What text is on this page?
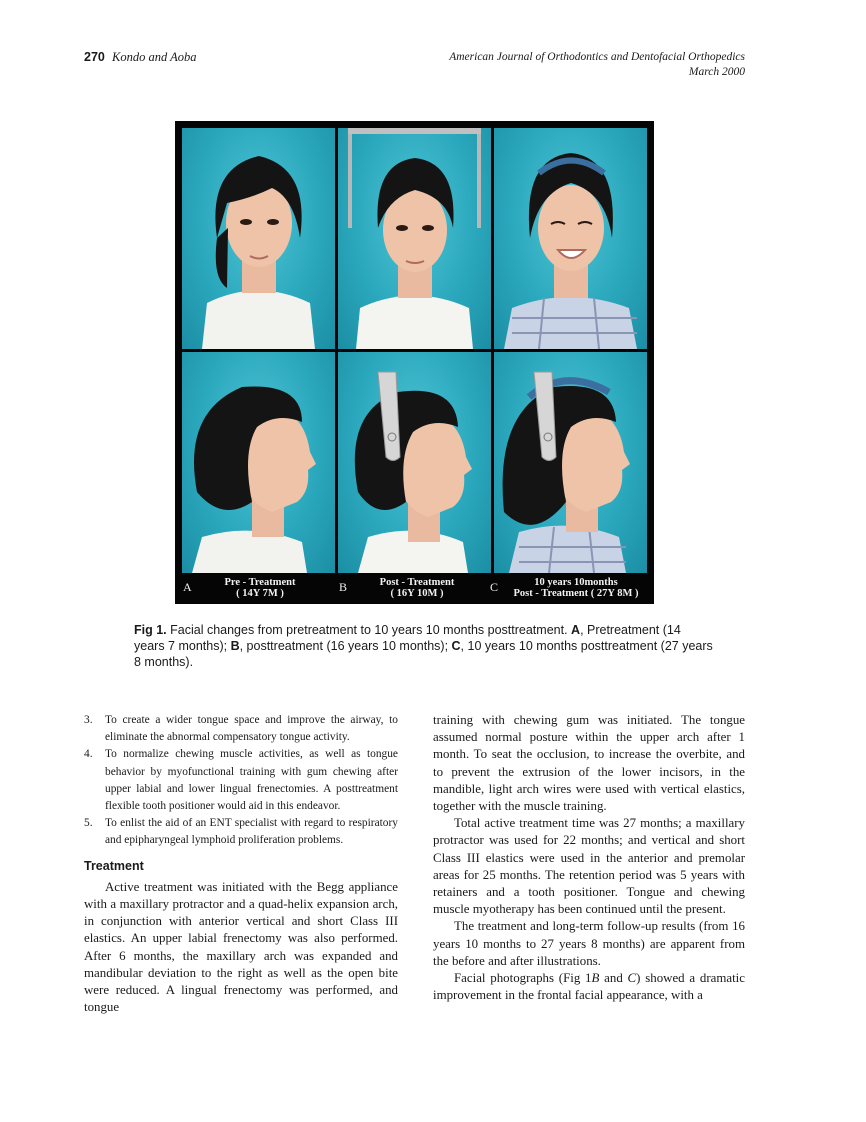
270 Kondo and Aoba	American Journal of Orthodontics and Dentofacial Orthopedics
March 2000
A	Pre - Treatment
( 14Y 7M )	B	Post - Treatment
( 16Y 10M )	C	10 years 10months
Post - Treatment ( 27Y 8M )
Fig 1. Facial changes from pretreatment to 10 years 10 months posttreatment. A, Pretreatment (14 years 7 months); B, posttreatment (16 years 10 months); C, 10 years 10 months posttreatment (27 years 8 months).
3. To create a wider tongue space and improve the airway, to eliminate the abnormal compensatory tongue activity.
4. To normalize chewing muscle activities, as well as tongue behavior by myofunctional training with gum chewing after upper labial and lower lingual frenectomies. A posttreatment flexible tooth positioner would aid in this endeavor.
5. To enlist the aid of an ENT specialist with regard to respiratory and epipharyngeal lymphoid proliferation problems.
Treatment

Active treatment was initiated with the Begg appliance with a maxillary protractor and a quad-helix expansion arch, in conjunction with anterior vertical and short Class III elastics. An upper labial frenectomy was also performed. After 6 months, the maxillary arch was expanded and mandibular deviation to the right as well as the open bite were reduced. A lingual frenectomy was performed, and tongue

training with chewing gum was initiated. The tongue assumed normal posture within the upper arch after 1 month. To seat the occlusion, to increase the overbite, and to prevent the extrusion of the lower incisors, in the mandible, light arch wires were used with vertical elastics, together with the muscle training.

Total active treatment time was 27 months; a maxillary protractor was used for 22 months; and vertical and short Class III elastics were used in the anterior and premolar areas for 25 months. The retention period was 5 years with retainers and a tooth positioner. Tongue and chewing muscle myotherapy has been continued until the present.

The treatment and long-term follow-up results (from 16 years 10 months to 27 years 8 months) are apparent from the before and after illustrations.

Facial photographs (Fig 1B and C) showed a dramatic improvement in the frontal facial appearance, with a
